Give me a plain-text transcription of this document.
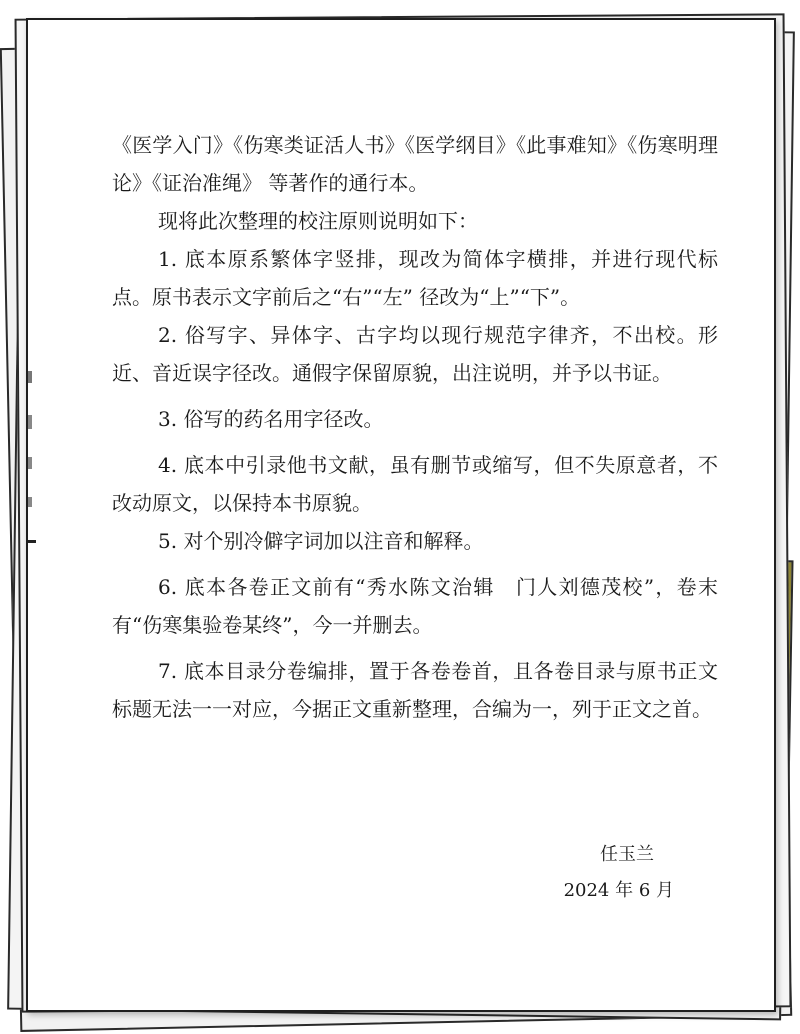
《医学入门》《伤寒类证活人书》《医学纲目》《此事难知》《伤寒明理论》《证治准绳》 等著作的通行本。

现将此次整理的校注原则说明如下：

1. 底本原系繁体字竖排，现改为简体字横排，并进行现代标点。原书表示文字前后之“右”“左” 径改为“上”“下”。

2. 俗写字、异体字、古字均以现行规范字律齐，不出校。形近、音近误字径改。通假字保留原貌，出注说明，并予以书证。

3. 俗写的药名用字径改。

4. 底本中引录他书文献，虽有删节或缩写，但不失原意者，不改动原文，以保持本书原貌。

5. 对个别冷僻字词加以注音和解释。

6. 底本各卷正文前有“秀水陈文治辑　门人刘德茂校”，卷末有“伤寒集验卷某终”，今一并删去。

7. 底本目录分卷编排，置于各卷卷首，且各卷目录与原书正文标题无法一一对应，今据正文重新整理，合编为一，列于正文之首。

任玉兰
2024 年 6 月
